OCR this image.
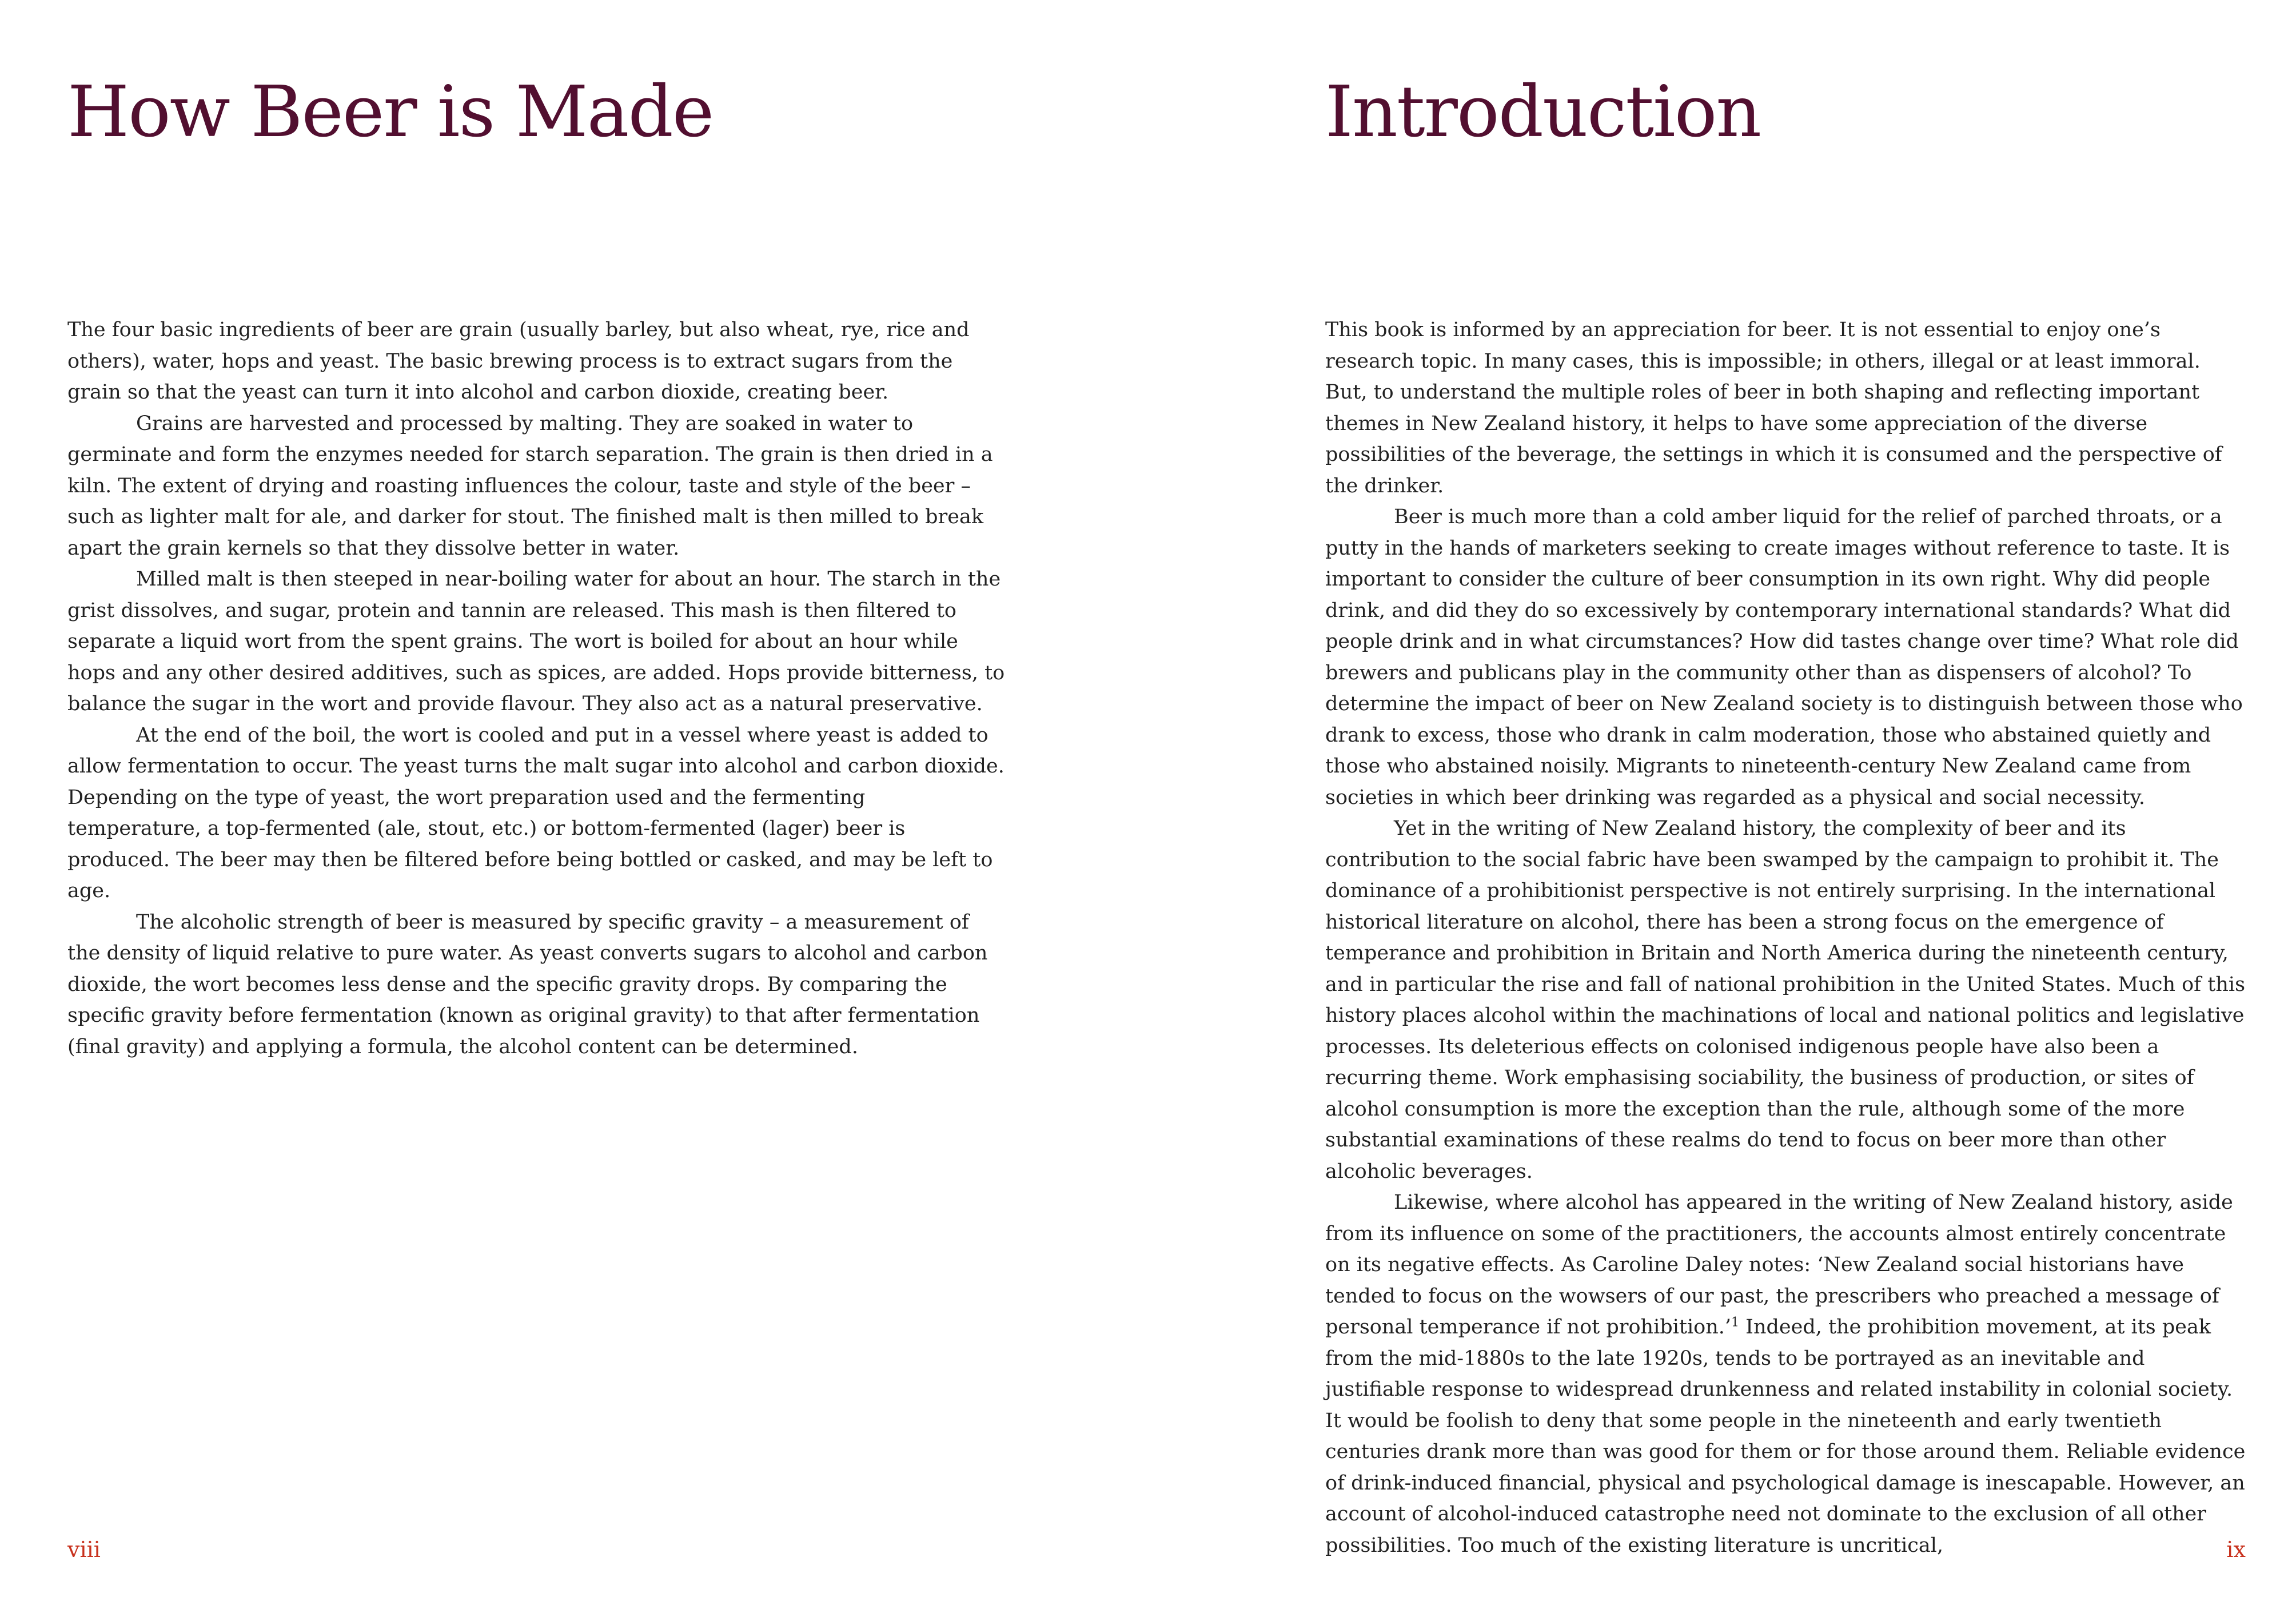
How Beer is Made

The four basic ingredients of beer are grain (usually barley, but also wheat, rye, rice and others), water, hops and yeast. The basic brewing process is to extract sugars from the grain so that the yeast can turn it into alcohol and carbon dioxide, creating beer.

Grains are harvested and processed by malting. They are soaked in water to germinate and form the enzymes needed for starch separation. The grain is then dried in a kiln. The extent of drying and roasting influences the colour, taste and style of the beer – such as lighter malt for ale, and darker for stout. The finished malt is then milled to break apart the grain kernels so that they dissolve better in water.

Milled malt is then steeped in near-boiling water for about an hour. The starch in the grist dissolves, and sugar, protein and tannin are released. This mash is then filtered to separate a liquid wort from the spent grains. The wort is boiled for about an hour while hops and any other desired additives, such as spices, are added. Hops provide bitterness, to balance the sugar in the wort and provide flavour. They also act as a natural preservative.

At the end of the boil, the wort is cooled and put in a vessel where yeast is added to allow fermentation to occur. The yeast turns the malt sugar into alcohol and carbon dioxide. Depending on the type of yeast, the wort preparation used and the fermenting temperature, a top-fermented (ale, stout, etc.) or bottom-fermented (lager) beer is produced. The beer may then be filtered before being bottled or casked, and may be left to age.

The alcoholic strength of beer is measured by specific gravity – a measurement of the density of liquid relative to pure water. As yeast converts sugars to alcohol and carbon dioxide, the wort becomes less dense and the specific gravity drops. By comparing the specific gravity before fermentation (known as original gravity) to that after fermentation (final gravity) and applying a formula, the alcohol content can be determined.

viii
Introduction

This book is informed by an appreciation for beer. It is not essential to enjoy one’s research topic. In many cases, this is impossible; in others, illegal or at least immoral. But, to understand the multiple roles of beer in both shaping and reflecting important themes in New Zealand history, it helps to have some appreciation of the diverse possibilities of the beverage, the settings in which it is consumed and the perspective of the drinker.

Beer is much more than a cold amber liquid for the relief of parched throats, or a putty in the hands of marketers seeking to create images without reference to taste. It is important to consider the culture of beer consumption in its own right. Why did people drink, and did they do so excessively by contemporary international standards? What did people drink and in what circumstances? How did tastes change over time? What role did brewers and publicans play in the community other than as dispensers of alcohol? To determine the impact of beer on New Zealand society is to distinguish between those who drank to excess, those who drank in calm moderation, those who abstained quietly and those who abstained noisily. Migrants to nineteenth-century New Zealand came from societies in which beer drinking was regarded as a physical and social necessity.

Yet in the writing of New Zealand history, the complexity of beer and its contribution to the social fabric have been swamped by the campaign to prohibit it. The dominance of a prohibitionist perspective is not entirely surprising. In the international historical literature on alcohol, there has been a strong focus on the emergence of temperance and prohibition in Britain and North America during the nineteenth century, and in particular the rise and fall of national prohibition in the United States. Much of this history places alcohol within the machinations of local and national politics and legislative processes. Its deleterious effects on colonised indigenous people have also been a recurring theme. Work emphasising sociability, the business of production, or sites of alcohol consumption is more the exception than the rule, although some of the more substantial examinations of these realms do tend to focus on beer more than other alcoholic beverages.

Likewise, where alcohol has appeared in the writing of New Zealand history, aside from its influence on some of the practitioners, the accounts almost entirely concentrate on its negative effects. As Caroline Daley notes: ‘New Zealand social historians have tended to focus on the wowsers of our past, the prescribers who preached a message of personal temperance if not prohibition.’$^1$ Indeed, the prohibition movement, at its peak from the mid-1880s to the late 1920s, tends to be portrayed as an inevitable and justifiable response to widespread drunkenness and related instability in colonial society. It would be foolish to deny that some people in the nineteenth and early twentieth centuries drank more than was good for them or for those around them. Reliable evidence of drink-induced financial, physical and psychological damage is inescapable. However, an account of alcohol-induced catastrophe need not dominate to the exclusion of all other possibilities. Too much of the existing literature is uncritical,	ix
